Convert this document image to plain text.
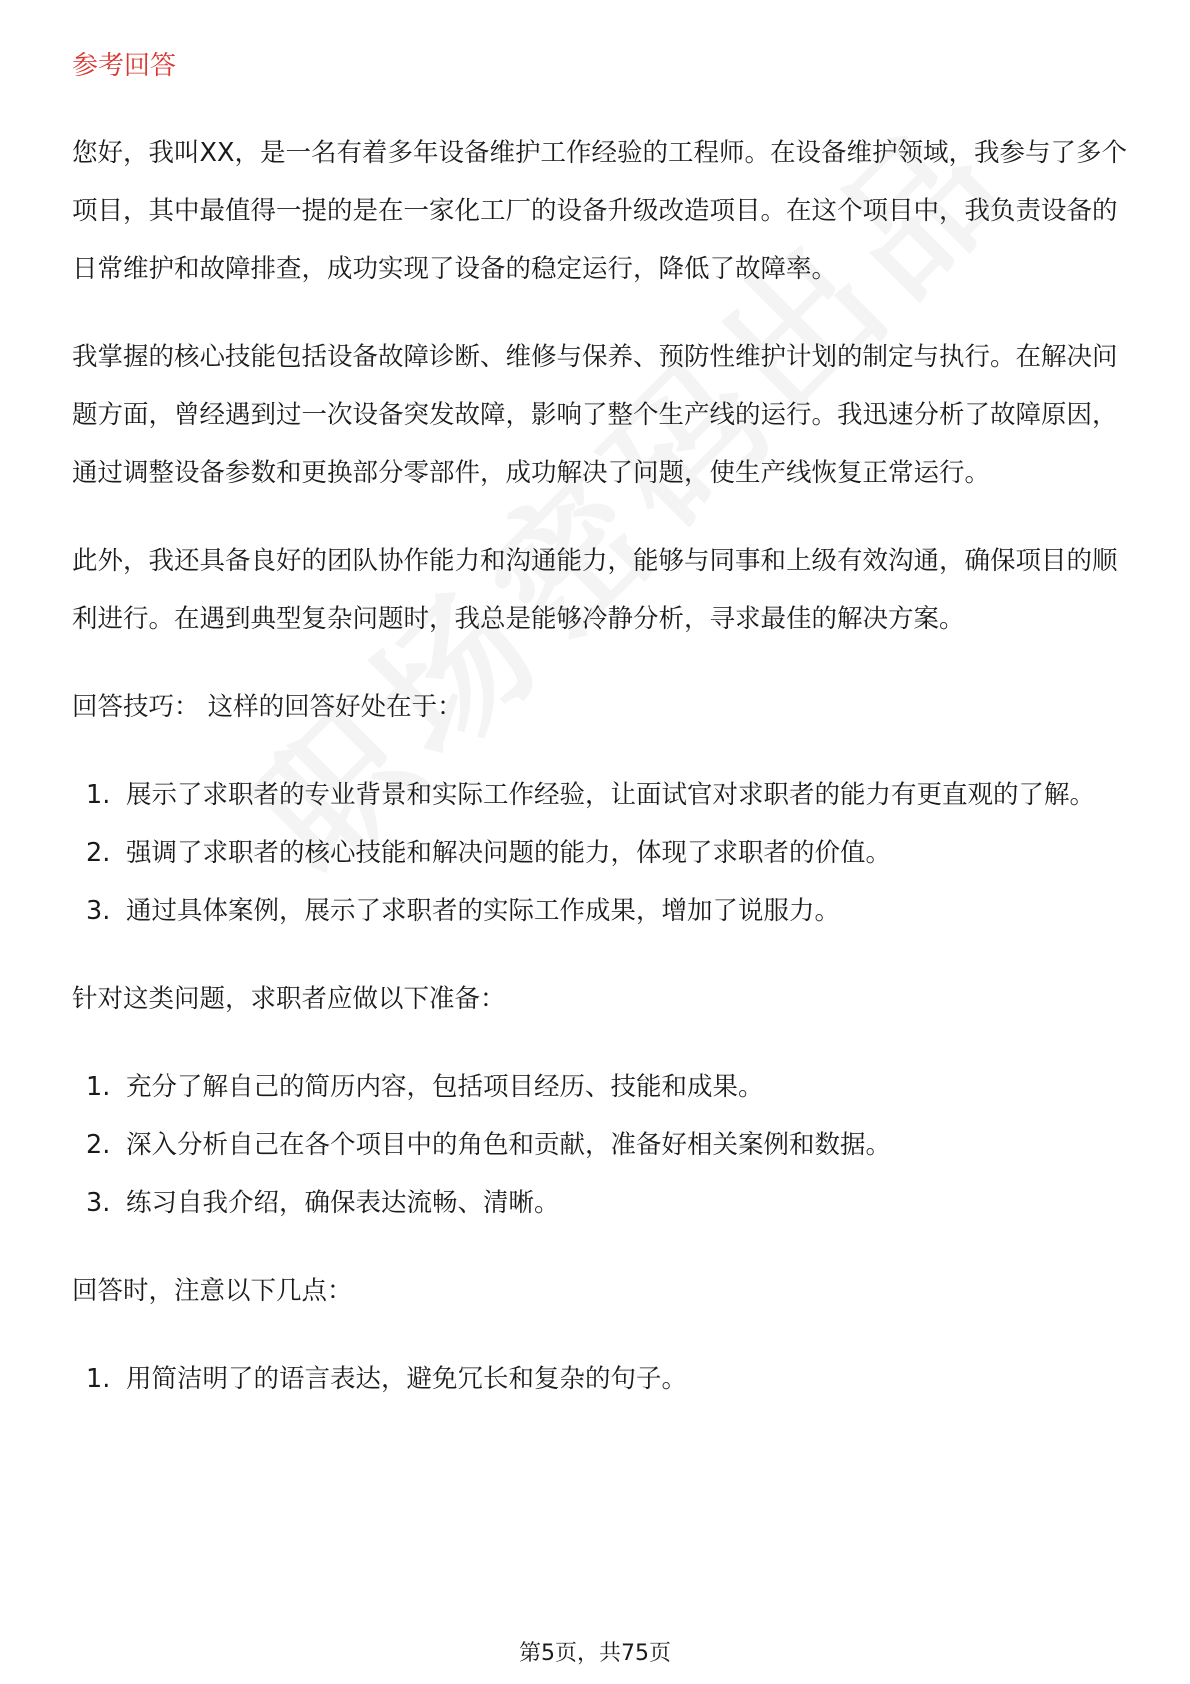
参考回答

您好，我叫XX，是一名有着多年设备维护工作经验的工程师。在设备维护领域，我参与了多个项目，其中最值得一提的是在一家化工厂的设备升级改造项目。在这个项目中，我负责设备的日常维护和故障排查，成功实现了设备的稳定运行，降低了故障率。

我掌握的核心技能包括设备故障诊断、维修与保养、预防性维护计划的制定与执行。在解决问题方面，曾经遇到过一次设备突发故障，影响了整个生产线的运行。我迅速分析了故障原因，通过调整设备参数和更换部分零部件，成功解决了问题，使生产线恢复正常运行。

此外，我还具备良好的团队协作能力和沟通能力，能够与同事和上级有效沟通，确保项目的顺利进行。在遇到典型复杂问题时，我总是能够冷静分析，寻求最佳的解决方案。

回答技巧： 这样的回答好处在于：

1. 展示了求职者的专业背景和实际工作经验，让面试官对求职者的能力有更直观的了解。
2. 强调了求职者的核心技能和解决问题的能力，体现了求职者的价值。
3. 通过具体案例，展示了求职者的实际工作成果，增加了说服力。

针对这类问题，求职者应做以下准备：

1. 充分了解自己的简历内容，包括项目经历、技能和成果。
2. 深入分析自己在各个项目中的角色和贡献，准备好相关案例和数据。
3. 练习自我介绍，确保表达流畅、清晰。

回答时，注意以下几点：

1. 用简洁明了的语言表达，避免冗长和复杂的句子。
第5页，共75页
